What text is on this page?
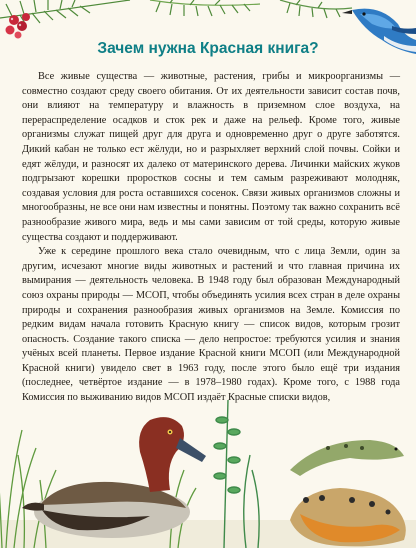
Зачем нужна Красная книга?

Все живые существа — животные, растения, грибы и микроорганизмы — совместно создают среду своего обитания. От их деятельности зависит состав почв, они влияют на температуру и влажность в приземном слое воздуха, на перераспределение осадков и сток рек и даже на рельеф. Кроме того, живые организмы служат пищей друг для друга и одновременно друг о друге заботятся. Дикий кабан не только ест жёлуди, но и разрыхляет верхний слой почвы. Сойки и едят жёлуди, и разносят их далеко от материнского дерева. Личинки майских жуков подгрызают корешки проростков сосны и тем самым разреживают молодняк, создавая условия для роста оставшихся сосенок. Связи живых организмов сложны и многообразны, не все они нам известны и понятны. Поэтому так важно сохранить всё разнообразие живого мира, ведь и мы сами зависим от той среды, которую живые существа создают и поддерживают.

Уже к середине прошлого века стало очевидным, что с лица Земли, один за другим, исчезают многие виды животных и растений и что главная причина их вымирания — деятельность человека. В 1948 году был образован Международный союз охраны природы — МСОП, чтобы объединять усилия всех стран в деле охраны природы и сохранения разнообразия живых организмов на Земле. Комиссия по редким видам начала готовить Красную книгу — список видов, которым грозит опасность. Создание такого списка — дело непростое: требуются усилия и знания учёных всей планеты. Первое издание Красной книги МСОП (или Международной Красной книги) увидело свет в 1963 году, после этого было ещё три издания (последнее, четвёртое издание — в 1978–1980 годах). Кроме того, с 1988 года Комиссия по выживанию видов МСОП издаёт Красные списки видов,
